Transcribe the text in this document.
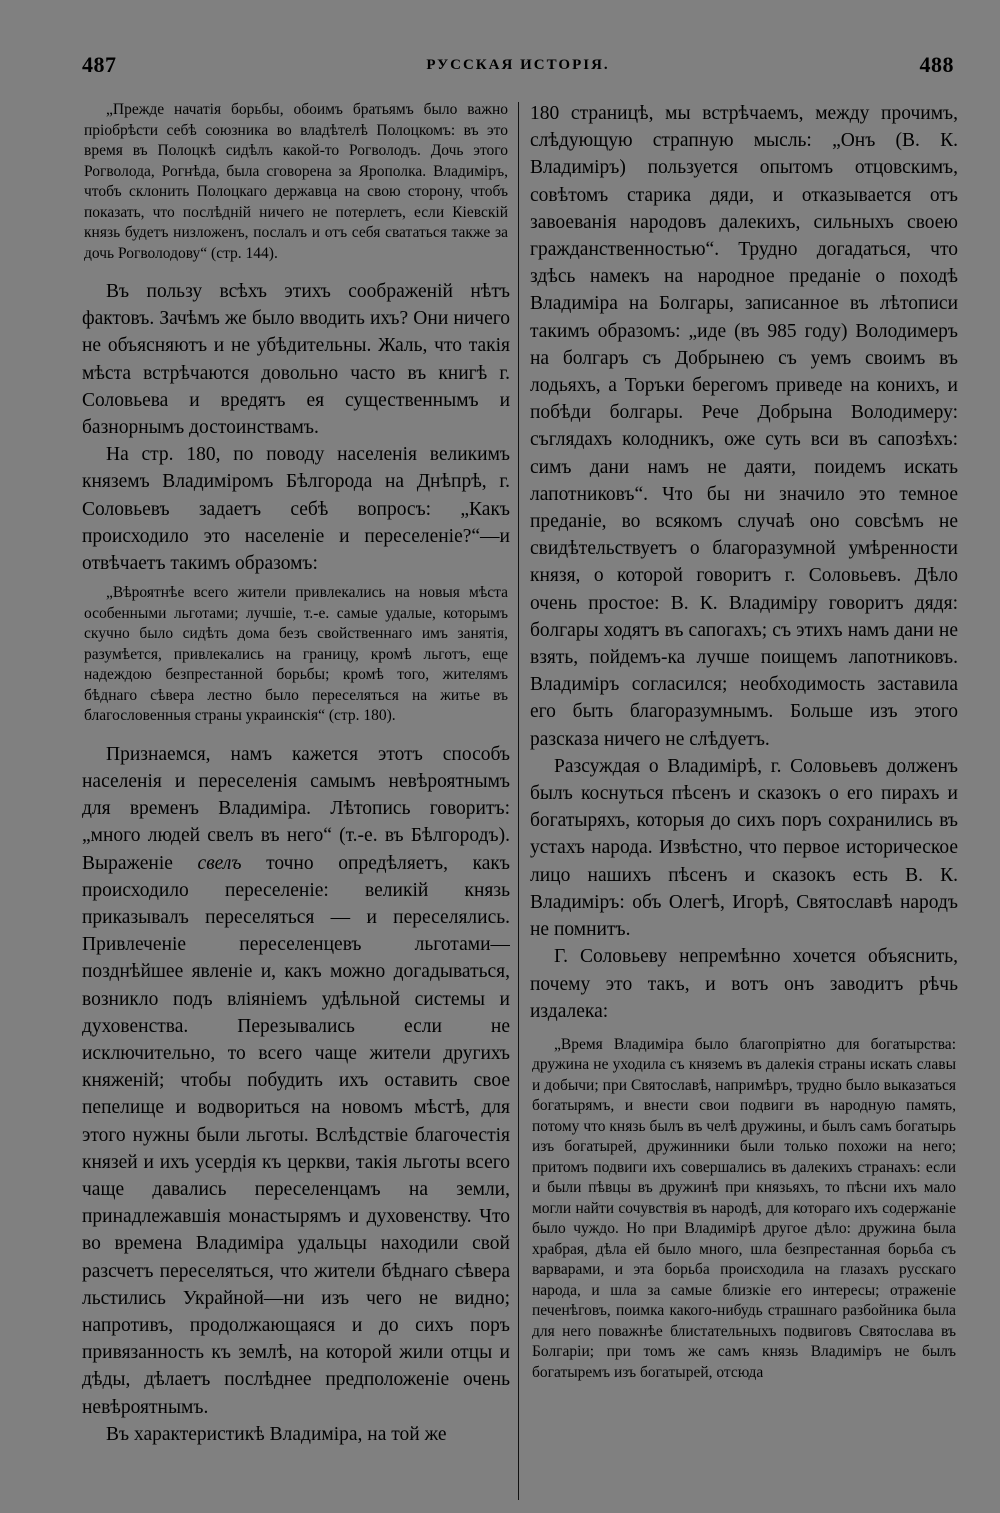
487	РУССКАЯ ИСТОРІЯ.	488
„Прежде начатія борьбы, обоимъ братьямъ было важно пріобрѣсти себѣ союзника во владѣтелѣ Полоцкомъ: въ это время въ Полоцкѣ сидѣлъ какой-то Рогволодъ. Дочь этого Рогволода, Рогнѣда, была сговорена за Ярополка. Владиміръ, чтобъ склонить Полоцкаго державца на свою сторону, чтобъ показать, что послѣдній ничего не потерлетъ, если Кіевскій князь будетъ низложенъ, послалъ и отъ себя свататься также за дочь Рогволодову“ (стр. 144).

Въ пользу всѣхъ этихъ соображеній нѣтъ фактовъ. Зачѣмъ же было вводить ихъ? Они ничего не объясняютъ и не убѣдительны. Жаль, что такія мѣста встрѣчаются довольно часто въ книгѣ г. Соловьева и вредятъ ея существеннымъ и базнорнымъ достоинствамъ.

На стр. 180, по поводу населенія великимъ княземъ Владиміромъ Бѣлгорода на Днѣпрѣ, г. Соловьевъ задаетъ себѣ вопросъ: „Какъ происходило это населеніе и переселеніе?“—и отвѣчаетъ такимъ образомъ:

„Вѣроятнѣе всего жители привлекались на новыя мѣста особенными льготами; лучшіе, т.-е. самые удалые, которымъ скучно было сидѣть дома безъ свойственнаго имъ занятія, разумѣется, привлекались на границу, кромѣ льготъ, еще надеждою безпрестанной борьбы; кромѣ того, жителямъ бѣднаго сѣвера лестно было переселяться на житье въ благословенныя страны украинскія“ (стр. 180).

Признаемся, намъ кажется этотъ способъ населенія и переселенія самымъ невѣроятнымъ для временъ Владиміра. Лѣтопись говоритъ: „много людей свелъ въ него“ (т.-е. въ Бѣлгородъ). Выраженіе свелъ точно опредѣляетъ, какъ происходило переселеніе: великій князь приказывалъ переселяться — и переселялись. Привлеченіе переселенцевъ льготами—позднѣйшее явленіе и, какъ можно догадываться, возникло подъ вліяніемъ удѣльной системы и духовенства. Перезывались если не исключительно, то всего чаще жители другихъ княженій; чтобы побудить ихъ оставить свое пепелище и водвориться на новомъ мѣстѣ, для этого нужны были льготы. Вслѣдствіе благочестія князей и ихъ усердія къ церкви, такія льготы всего чаще давались переселенцамъ на земли, принадлежавшія монастырямъ и духовенству. Что во времена Владиміра удальцы находили свой разсчетъ переселяться, что жители бѣднаго сѣвера льстились Украйной—ни изъ чего не видно; напротивъ, продолжающаяся и до сихъ поръ привязанность къ землѣ, на которой жили отцы и дѣды, дѣлаетъ послѣднее предположеніе очень невѣроятнымъ.

Въ характеристикѣ Владиміра, на той же

180 страницѣ, мы встрѣчаемъ, между прочимъ, слѣдующую страпную мысль: „Онъ (В. К. Владиміръ) пользуется опытомъ отцовскимъ, совѣтомъ старика дяди, и отказывается отъ завоеванія народовъ далекихъ, сильныхъ своею гражданственностью“. Трудно догадаться, что здѣсь намекъ на народное преданіе о походѣ Владиміра на Болгары, записанное въ лѣтописи такимъ образомъ: „иде (въ 985 году) Володимеръ на болгаръ съ Добрынею съ уемъ своимъ въ лодьяхъ, а Торъки берегомъ приведе на конихъ, и побѣди болгары. Рече Добрына Володимеру: съглядахъ колодникъ, оже суть вси въ сапозѣхъ: симъ дани намъ не даяти, поидемъ искать лапотниковъ“. Что бы ни значило это темное преданіе, во всякомъ случаѣ оно совсѣмъ не свидѣтельствуетъ о благоразумной умѣренности князя, о которой говоритъ г. Соловьевъ. Дѣло очень простое: В. К. Владиміру говоритъ дядя: болгары ходятъ въ сапогахъ; съ этихъ намъ дани не взять, пойдемъ-ка лучше поищемъ лапотниковъ. Владиміръ согласился; необходимость заставила его быть благоразумнымъ. Больше изъ этого разсказа ничего не слѣдуетъ.

Разсуждая о Владимірѣ, г. Соловьевъ долженъ былъ коснуться пѣсенъ и сказокъ о его пирахъ и богатыряхъ, которыя до сихъ поръ сохранились въ устахъ народа. Извѣстно, что первое историческое лицо нашихъ пѣсенъ и сказокъ есть В. К. Владиміръ: объ Олегѣ, Игорѣ, Святославѣ народъ не помнитъ.

Г. Соловьеву непремѣнно хочется объяснить, почему это такъ, и вотъ онъ заводитъ рѣчь издалека:

„Время Владиміра было благопріятно для богатырства: дружина не уходила съ княземъ въ далекія страны искать славы и добычи; при Святославѣ, напримѣръ, трудно было выказаться богатырямъ, и внести свои подвиги въ народную память, потому что князь былъ въ челѣ дружины, и былъ самъ богатырь изъ богатырей, дружинники были только похожи на него; притомъ подвиги ихъ совершались въ далекихъ странахъ: если и были пѣвцы въ дружинѣ при князьяхъ, то пѣсни ихъ мало могли найти сочувствія въ народѣ, для котораго ихъ содержаніе было чуждо. Но при Владимірѣ другое дѣло: дружина была храбрая, дѣла ей было много, шла безпрестанная борьба съ варварами, и эта борьба происходила на глазахъ русскаго народа, и шла за самые близкіе его интересы; отраженіе печенѣговъ, поимка какого-нибудь страшнаго разбойника была для него поважнѣе блистательныхъ подвиговъ Святослава въ Болгаріи; при томъ же самъ князь Владиміръ не былъ богатыремъ изъ богатырей, отсюда
